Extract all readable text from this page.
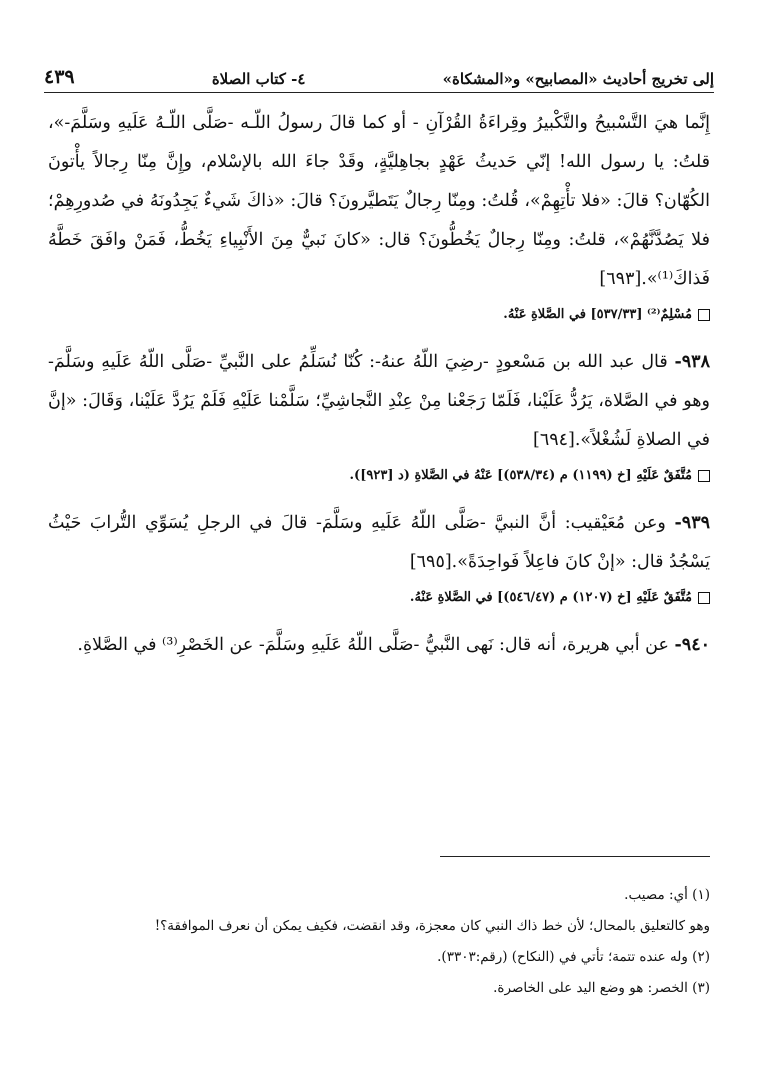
إلى تخريج أحاديث «المصابيح» و«المشكاة»
٤- كتاب الصلاة
٤٣٩

إِنَّما هيَ التَّسْبيحُ والتَّكْبيرُ وقِراءَةُ القُرْآنِ - أو كما قالَ رسولُ اللّـه -صَلَّى اللّـهُ عَلَيهِ وسَلَّمَ-»، قلتُ: يا رسول الله! إنّي حَديثُ عَهْدٍ بجاهِليَّةٍ، وقَدْ جاءَ الله بالإسْلام، وإِنَّ مِنّا رِجالاً يأْتونَ الكُهّان؟ قالَ: «فلا تأْتِهِمْ»، قُلتُ: ومِنّا رِجالٌ يَتَطيَّرونَ؟ قالَ: «ذاكَ شَيءٌ يَجِدُونَهُ في صُدورِهِمْ؛ فلا يَصُدَّنَّهُمْ»، قلتُ: ومِنّا رِجالٌ يَخُطُّونَ؟ قال: «كانَ نَبيٌّ مِنَ الأَنْبِياءِ يَخُطُّ، فَمَنْ وافَقَ خَطَّهُ فَذاكَ⁽¹⁾».[٦٩٣]

مُسْلِمٌ⁽²⁾ [٥٣٧/٣٣] في الصَّلاةِ عَنْهُ.

٩٣٨- قال عبد الله بن مَسْعودٍ -رضِيَ اللّهُ عنهُ-: كُنّا نُسَلِّمُ على النَّبيِّ -صَلَّى اللّهُ عَلَيهِ وسَلَّمَ- وهو في الصَّلاة، يَرُدُّ عَلَيْنا، فَلَمّا رَجَعْنا مِنْ عِنْدِ النَّجاشِيِّ؛ سَلَّمْنا عَلَيْهِ فَلَمْ يَرُدَّ عَلَيْنا، وَقَالَ: «إنَّ في الصلاةِ لَشُغْلاً».[٦٩٤]

مُتَّفَقٌ عَلَيْهِ [خ (١١٩٩) م (٥٣٨/٣٤)] عَنْهُ في الصَّلاةِ (د [٩٢٣]).

٩٣٩- وعن مُعَيْقيب: أنَّ النبيَّ -صَلَّى اللّهُ عَلَيهِ وسَلَّمَ- قالَ في الرجلِ يُسَوِّي التُّرابَ حَيْثُ يَسْجُدُ قال: «إنْ كانَ فاعِلاً فَواحِدَةً».[٦٩٥]

مُتَّفَقٌ عَلَيْهِ [خ (١٢٠٧) م (٥٤٦/٤٧)] في الصَّلاةِ عَنْهُ.

٩٤٠- عن أبي هريرة، أنه قال: نَهى النَّبيُّ -صَلَّى اللّهُ عَلَيهِ وسَلَّمَ- عن الخَصْرِ⁽³⁾ في الصَّلاةِ.

(١) أي: مصيب.

وهو كالتعليق بالمحال؛ لأن خط ذاك النبي كان معجزة، وقد انقضت، فكيف يمكن أن نعرف الموافقة؟!

(٢) وله عنده تتمة؛ تأتي في (النكاح) (رقم:٣٣٠٣).

(٣) الخصر: هو وضع اليد على الخاصرة.
